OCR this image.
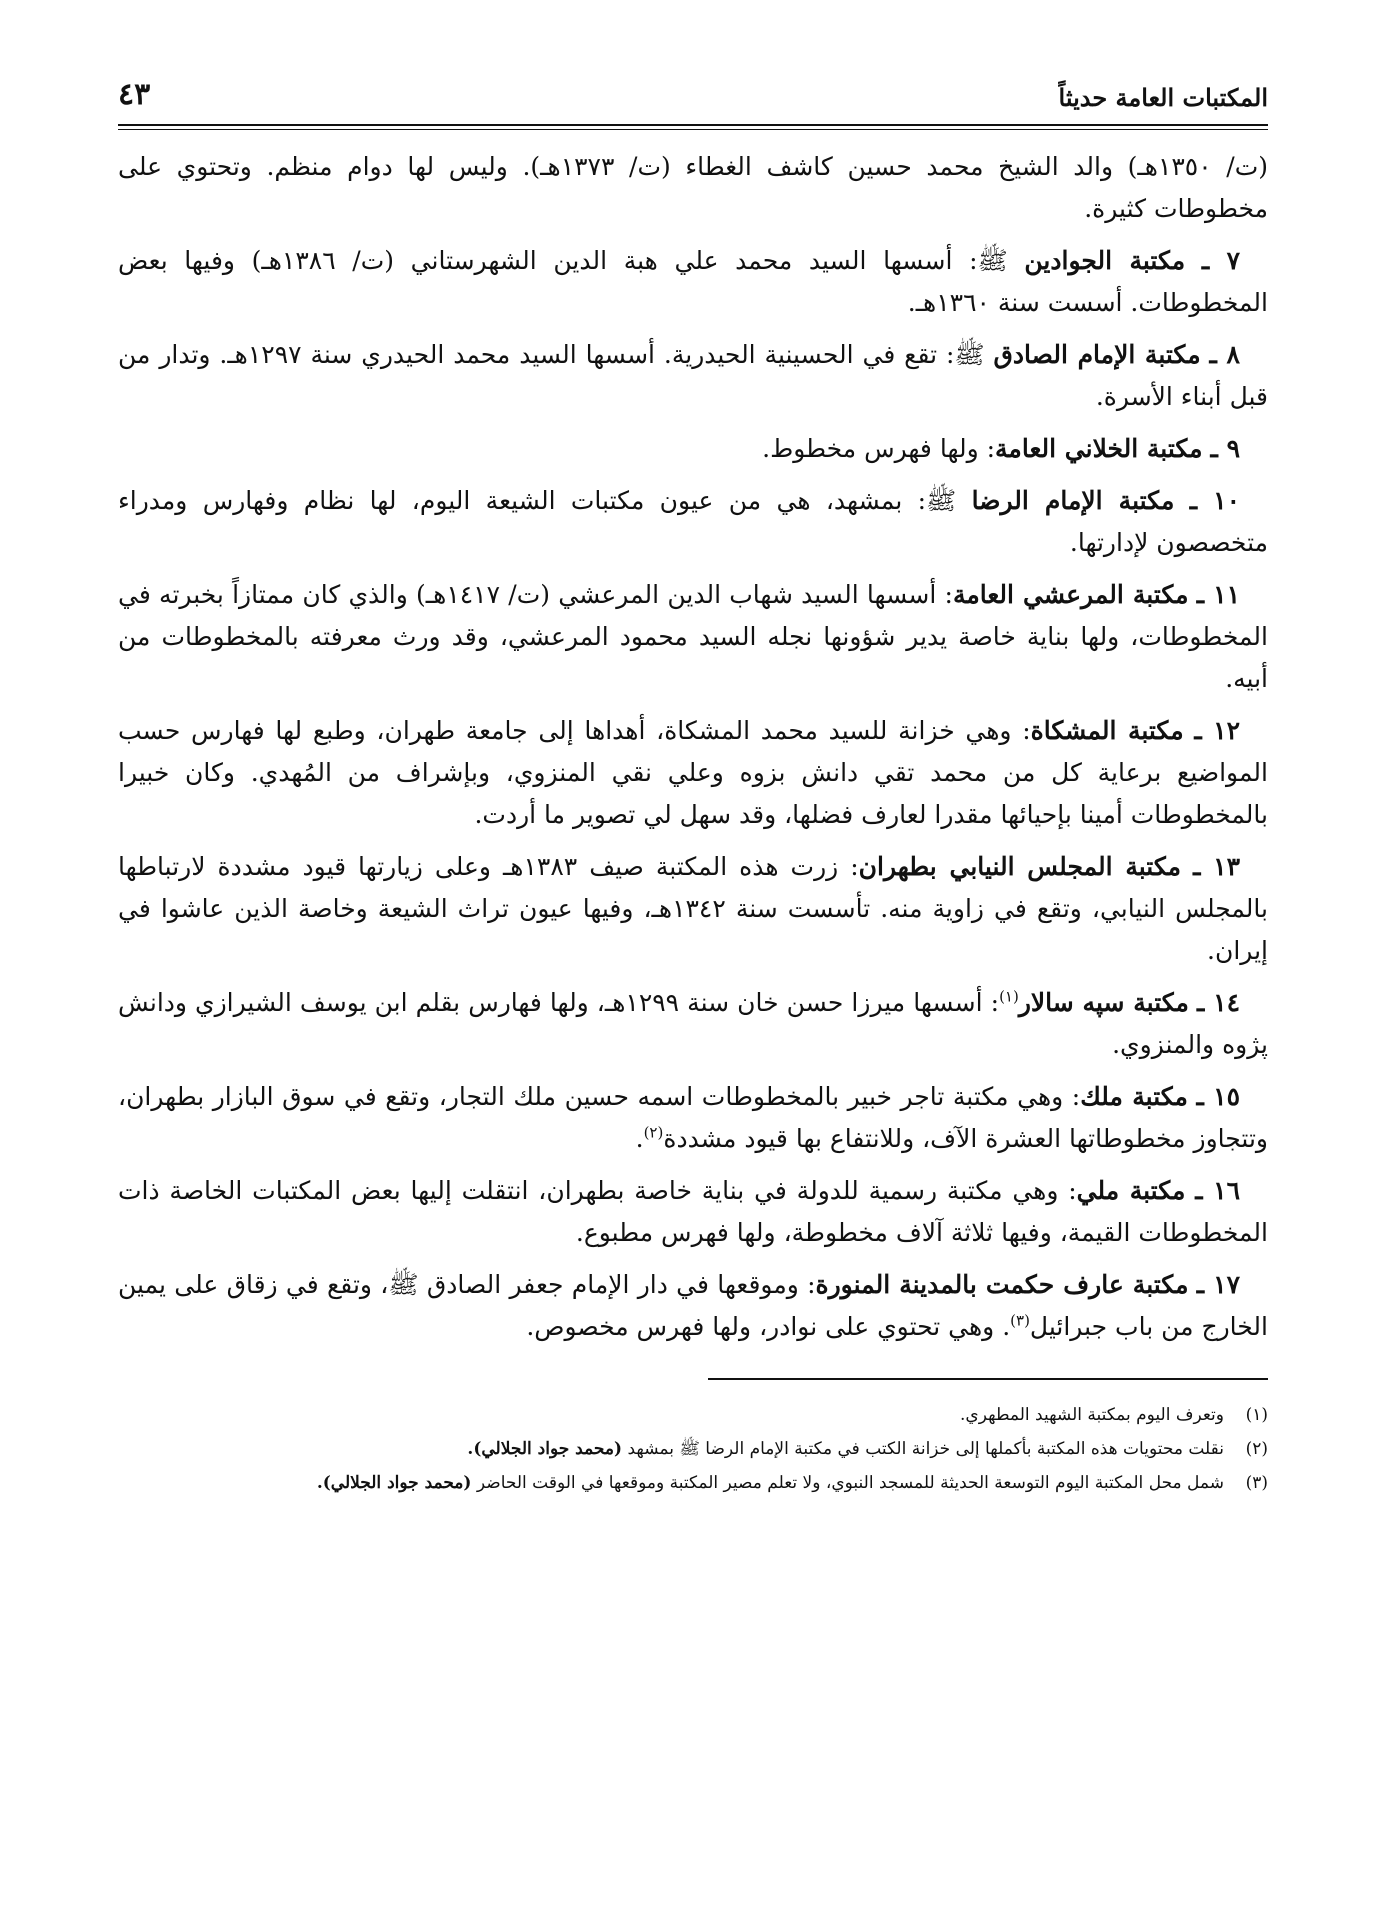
المكتبات العامة حديثاً
٤٣

(ت/ ١٣٥٠هـ) والد الشيخ محمد حسين كاشف الغطاء (ت/ ١٣٧٣هـ). وليس لها دوام منظم. وتحتوي على مخطوطات كثيرة.

٧ ـ مكتبة الجوادين ﷺ: أسسها السيد محمد علي هبة الدين الشهرستاني (ت/ ١٣٨٦هـ) وفيها بعض المخطوطات. أسست سنة ١٣٦٠هـ.

٨ ـ مكتبة الإمام الصادق ﷺ: تقع في الحسينية الحيدرية. أسسها السيد محمد الحيدري سنة ١٢٩٧هـ. وتدار من قبل أبناء الأسرة.

٩ ـ مكتبة الخلاني العامة: ولها فهرس مخطوط.

١٠ ـ مكتبة الإمام الرضا ﷺ: بمشهد، هي من عيون مكتبات الشيعة اليوم، لها نظام وفهارس ومدراء متخصصون لإدارتها.

١١ ـ مكتبة المرعشي العامة: أسسها السيد شهاب الدين المرعشي (ت/ ١٤١٧هـ) والذي كان ممتازاً بخبرته في المخطوطات، ولها بناية خاصة يدير شؤونها نجله السيد محمود المرعشي، وقد ورث معرفته بالمخطوطات من أبيه.

١٢ ـ مكتبة المشكاة: وهي خزانة للسيد محمد المشكاة، أهداها إلى جامعة طهران، وطبع لها فهارس حسب المواضيع برعاية كل من محمد تقي دانش بزوه وعلي نقي المنزوي، وبإشراف من المُهدي. وكان خبيرا بالمخطوطات أمينا بإحيائها مقدرا لعارف فضلها، وقد سهل لي تصوير ما أردت.

١٣ ـ مكتبة المجلس النيابي بطهران: زرت هذه المكتبة صيف ١٣٨٣هـ وعلى زيارتها قيود مشددة لارتباطها بالمجلس النيابي، وتقع في زاوية منه. تأسست سنة ١٣٤٢هـ، وفيها عيون تراث الشيعة وخاصة الذين عاشوا في إيران.

١٤ ـ مكتبة سپه سالار$^{(١)}$: أسسها ميرزا حسن خان سنة ١٢٩٩هـ، ولها فهارس بقلم ابن يوسف الشيرازي ودانش پژوه والمنزوي.

١٥ ـ مكتبة ملك: وهي مكتبة تاجر خبير بالمخطوطات اسمه حسين ملك التجار، وتقع في سوق البازار بطهران، وتتجاوز مخطوطاتها العشرة الآف، وللانتفاع بها قيود مشددة$^{(٢)}$.

١٦ ـ مكتبة ملي: وهي مكتبة رسمية للدولة في بناية خاصة بطهران، انتقلت إليها بعض المكتبات الخاصة ذات المخطوطات القيمة، وفيها ثلاثة آلاف مخطوطة، ولها فهرس مطبوع.

١٧ ـ مكتبة عارف حكمت بالمدينة المنورة: وموقعها في دار الإمام جعفر الصادق ﷺ، وتقع في زقاق على يمين الخارج من باب جبرائيل$^{(٣)}$. وهي تحتوي على نوادر، ولها فهرس مخصوص.

(١)
وتعرف اليوم بمكتبة الشهيد المطهري.
(٢)
نقلت محتويات هذه المكتبة بأكملها إلى خزانة الكتب في مكتبة الإمام الرضا ﷺ بمشهد (محمد جواد الجلالي).
(٣)
شمل محل المكتبة اليوم التوسعة الحديثة للمسجد النبوي، ولا تعلم مصير المكتبة وموقعها في الوقت الحاضر (محمد جواد الجلالي).
